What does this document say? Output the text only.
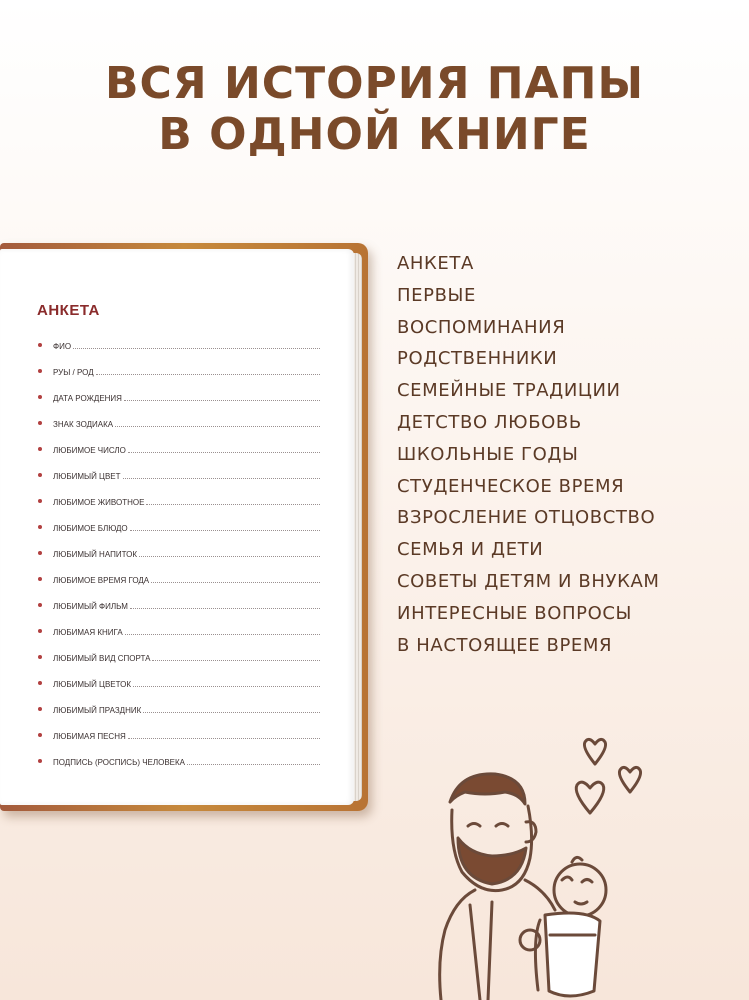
ВСЯ ИСТОРИЯ ПАПЫ
В ОДНОЙ КНИГЕ
АНКЕТА
ФИО
РУЫ / РОД
ДАТА РОЖДЕНИЯ
ЗНАК ЗОДИАКА
ЛЮБИМОЕ ЧИСЛО
ЛЮБИМЫЙ ЦВЕТ
ЛЮБИМОЕ ЖИВОТНОЕ
ЛЮБИМОЕ БЛЮДО
ЛЮБИМЫЙ НАПИТОК
ЛЮБИМОЕ ВРЕМЯ ГОДА
ЛЮБИМЫЙ ФИЛЬМ
ЛЮБИМАЯ КНИГА
ЛЮБИМЫЙ ВИД СПОРТА
ЛЮБИМЫЙ ЦВЕТОК
ЛЮБИМЫЙ ПРАЗДНИК
ЛЮБИМАЯ ПЕСНЯ
ПОДПИСЬ (РОСПИСЬ) ЧЕЛОВЕКА
АНКЕТА
ПЕРВЫЕ
ВОСПОМИНАНИЯ
РОДСТВЕННИКИ
СЕМЕЙНЫЕ ТРАДИЦИИ
ДЕТСТВО ЛЮБОВЬ
ШКОЛЬНЫЕ ГОДЫ
СТУДЕНЧЕСКОЕ ВРЕМЯ
ВЗРОСЛЕНИЕ ОТЦОВСТВО
СЕМЬЯ И ДЕТИ
СОВЕТЫ ДЕТЯМ И ВНУКАМ
ИНТЕРЕСНЫЕ ВОПРОСЫ
В НАСТОЯЩЕЕ ВРЕМЯ
